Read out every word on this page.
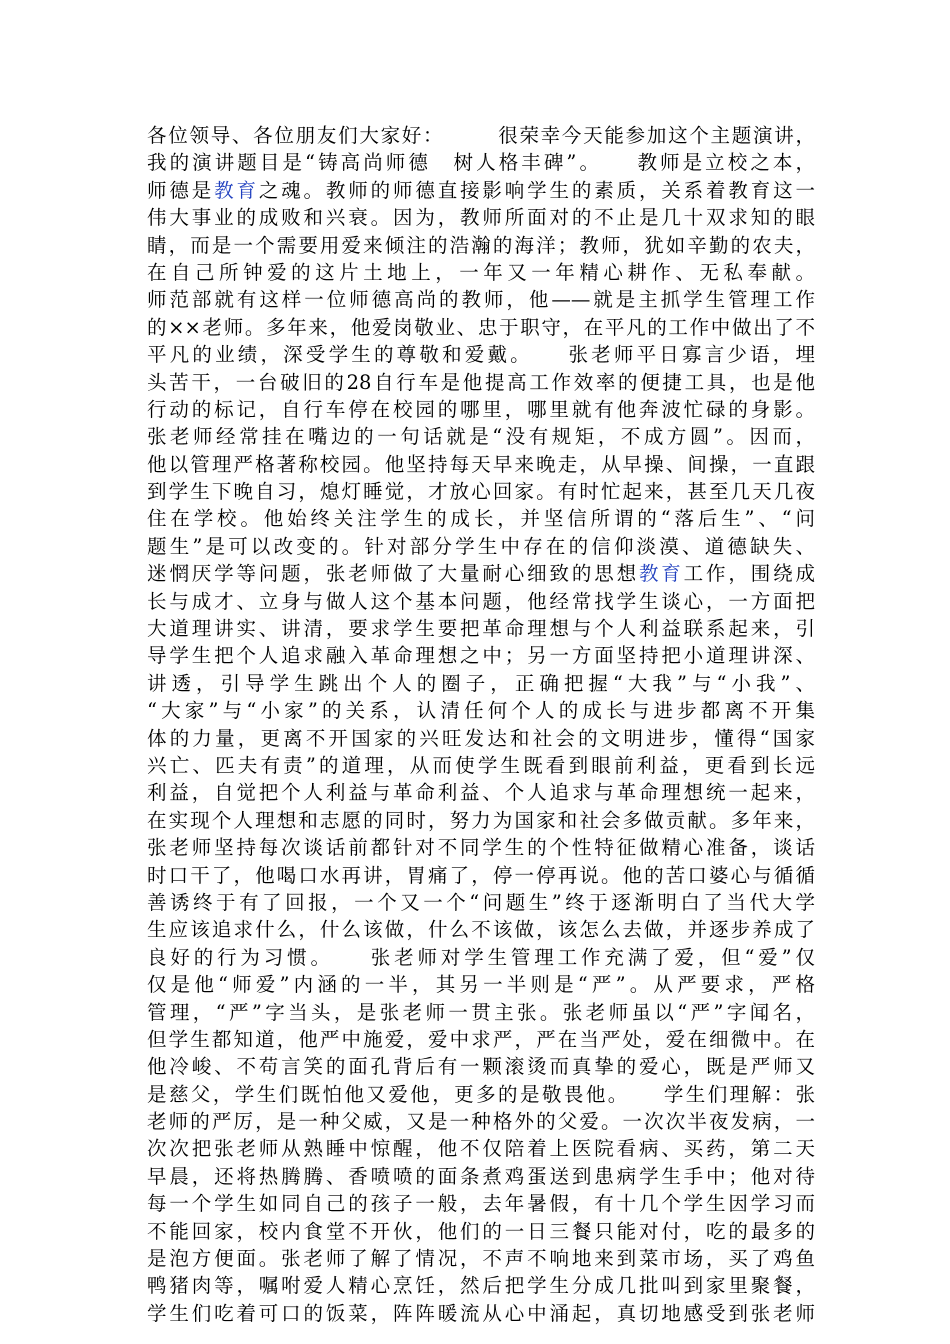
各位领导、各位朋友们大家好：　　　很荣幸今天能参加这个主题演讲，
我的演讲题目是“铸高尚师德　树人格丰碑”。　　教师是立校之本，
师德是教育之魂。教师的师德直接影响学生的素质，关系着教育这一
伟大事业的成败和兴衰。因为，教师所面对的不止是几十双求知的眼
睛，而是一个需要用爱来倾注的浩瀚的海洋；教师，犹如辛勤的农夫，
在自己所钟爱的这片土地上，一年又一年精心耕作、无私奉献。
师范部就有这样一位师德高尚的教师，他——就是主抓学生管理工作
的××老师。多年来，他爱岗敬业、忠于职守，在平凡的工作中做出了不
平凡的业绩，深受学生的尊敬和爱戴。　　张老师平日寡言少语，埋
头苦干，一台破旧的28自行车是他提高工作效率的便捷工具，也是他
行动的标记，自行车停在校园的哪里，哪里就有他奔波忙碌的身影。
张老师经常挂在嘴边的一句话就是“没有规矩，不成方圆”。因而，
他以管理严格著称校园。他坚持每天早来晚走，从早操、间操，一直跟
到学生下晚自习，熄灯睡觉，才放心回家。有时忙起来，甚至几天几夜
住在学校。他始终关注学生的成长，并坚信所谓的“落后生”、“问
题生”是可以改变的。针对部分学生中存在的信仰淡漠、道德缺失、
迷惘厌学等问题，张老师做了大量耐心细致的思想教育工作，围绕成
长与成才、立身与做人这个基本问题，他经常找学生谈心，一方面把
大道理讲实、讲清，要求学生要把革命理想与个人利益联系起来，引
导学生把个人追求融入革命理想之中；另一方面坚持把小道理讲深、
讲透，引导学生跳出个人的圈子，正确把握“大我”与“小我”、
“大家”与“小家”的关系，认清任何个人的成长与进步都离不开集
体的力量，更离不开国家的兴旺发达和社会的文明进步，懂得“国家
兴亡、匹夫有责”的道理，从而使学生既看到眼前利益，更看到长远
利益，自觉把个人利益与革命利益、个人追求与革命理想统一起来，
在实现个人理想和志愿的同时，努力为国家和社会多做贡献。多年来，
张老师坚持每次谈话前都针对不同学生的个性特征做精心准备，谈话
时口干了，他喝口水再讲，胃痛了，停一停再说。他的苦口婆心与循循
善诱终于有了回报，一个又一个“问题生”终于逐渐明白了当代大学
生应该追求什么，什么该做，什么不该做，该怎么去做，并逐步养成了
良好的行为习惯。　　张老师对学生管理工作充满了爱，但“爱”仅
仅是他“师爱”内涵的一半，其另一半则是“严”。从严要求，严格
管理，“严”字当头，是张老师一贯主张。张老师虽以“严”字闻名，
但学生都知道，他严中施爱，爱中求严，严在当严处，爱在细微中。在
他冷峻、不苟言笑的面孔背后有一颗滚烫而真挚的爱心，既是严师又
是慈父，学生们既怕他又爱他，更多的是敬畏他。　　学生们理解：张
老师的严厉，是一种父威，又是一种格外的父爱。一次次半夜发病，一
次次把张老师从熟睡中惊醒，他不仅陪着上医院看病、买药，第二天
早晨，还将热腾腾、香喷喷的面条煮鸡蛋送到患病学生手中；他对待
每一个学生如同自己的孩子一般，去年暑假，有十几个学生因学习而
不能回家，校内食堂不开伙，他们的一日三餐只能对付，吃的最多的
是泡方便面。张老师了解了情况，不声不响地来到菜市场，买了鸡鱼
鸭猪肉等，嘱咐爱人精心烹饪，然后把学生分成几批叫到家里聚餐，
学生们吃着可口的饭菜，阵阵暖流从心中涌起，真切地感受到张老师
